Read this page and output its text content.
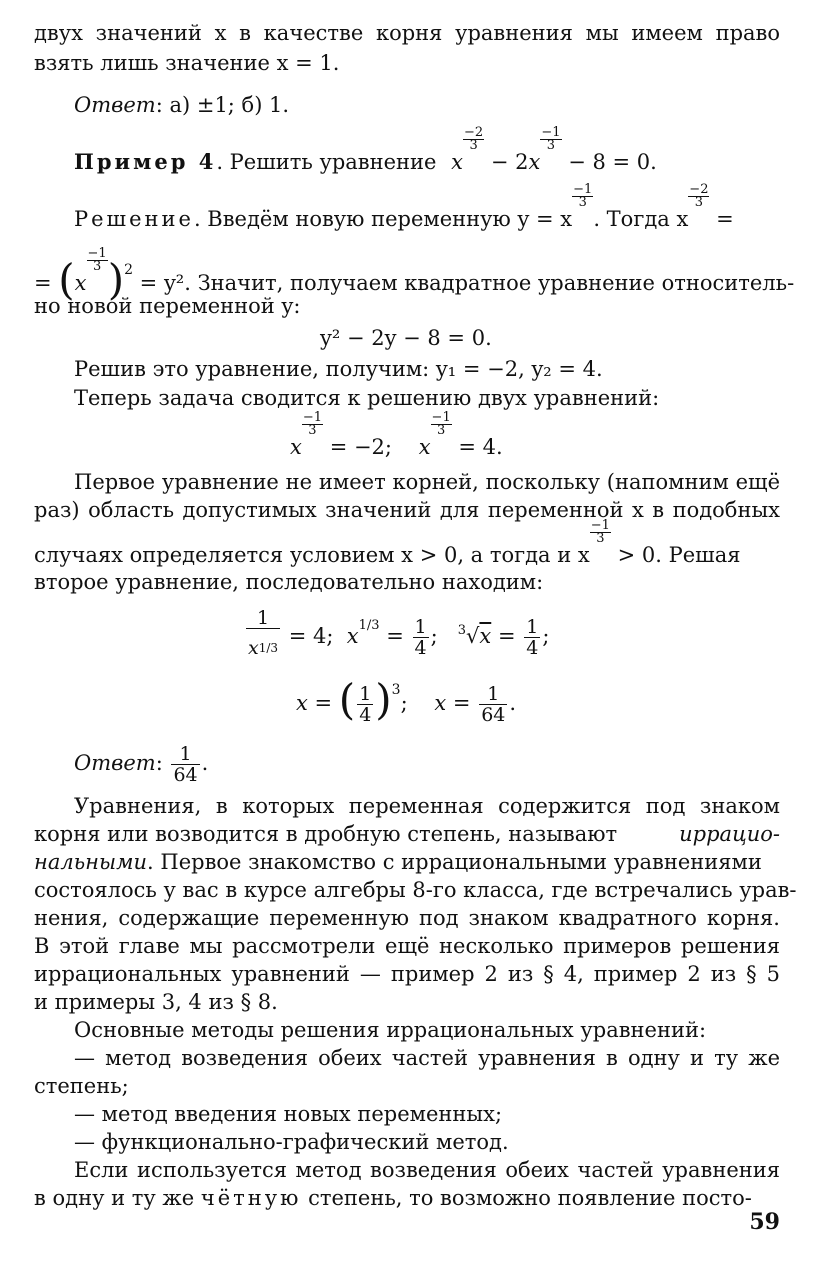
двух значений x в качестве корня уравнения мы имеем право
взять лишь значение x = 1.
Ответ: а) ±1; б) 1.
Пример 4. Решить уравнение x
$\frac{-2}{3}$
− 2x
$\frac{-1}{3}$
− 8 = 0.
Решение. Введём новую переменную y = x
$\frac{-1}{3}$
. Тогда x
$\frac{-2}{3}$
=
= (x
$\frac{-1}{3} )^2 = y^2$. Значит, получаем квадратное уравнение относитель-
но новой переменной y:
y² − 2y − 8 = 0.
Решив это уравнение, получим: y₁ = −2, y₂ = 4.
Теперь задача сводится к решению двух уравнений:
x
$\frac{-1}{3}$
= −2;    x
$\frac{-1}{3}$
= 4.
Первое уравнение не имеет корней, поскольку (напомним ещё
раз) область допустимых значений для переменной x в подобных
случаях определяется условием x > 0, а тогда и x
$\frac{-1}{3}$
> 0. Решая
второе уравнение, последовательно находим:
$\frac{1}{x^{1/3}} = 4$;  $x^{1/3} = \frac{1}{4}$ ;   $^3√x = \frac{1}{4}$ ;
x = ( $\frac{1}{4} )^3$;    $x = \frac{1}{64}$ .
Ответ: $\frac{1}{64}$ .
Уравнения, в которых переменная содержится под знаком
корня или возводится в дробную степень, называют	иррацио-
нальными. Первое знакомство с иррациональными уравнениями
состоялось у вас в курсе алгебры 8-го класса, где встречались урав-
нения, содержащие переменную под знаком квадратного корня.
В этой главе мы рассмотрели ещё несколько примеров решения
иррациональных уравнений — пример 2 из § 4, пример 2 из § 5
и примеры 3, 4 из § 8.
Основные методы решения иррациональных уравнений:
— метод возведения обеих частей уравнения в одну и ту же
степень;
— метод введения новых переменных;
— функционально-графический метод.
Если используется метод возведения обеих частей уравнения
в одну и ту же чётную степень, то возможно появление посто-
59
